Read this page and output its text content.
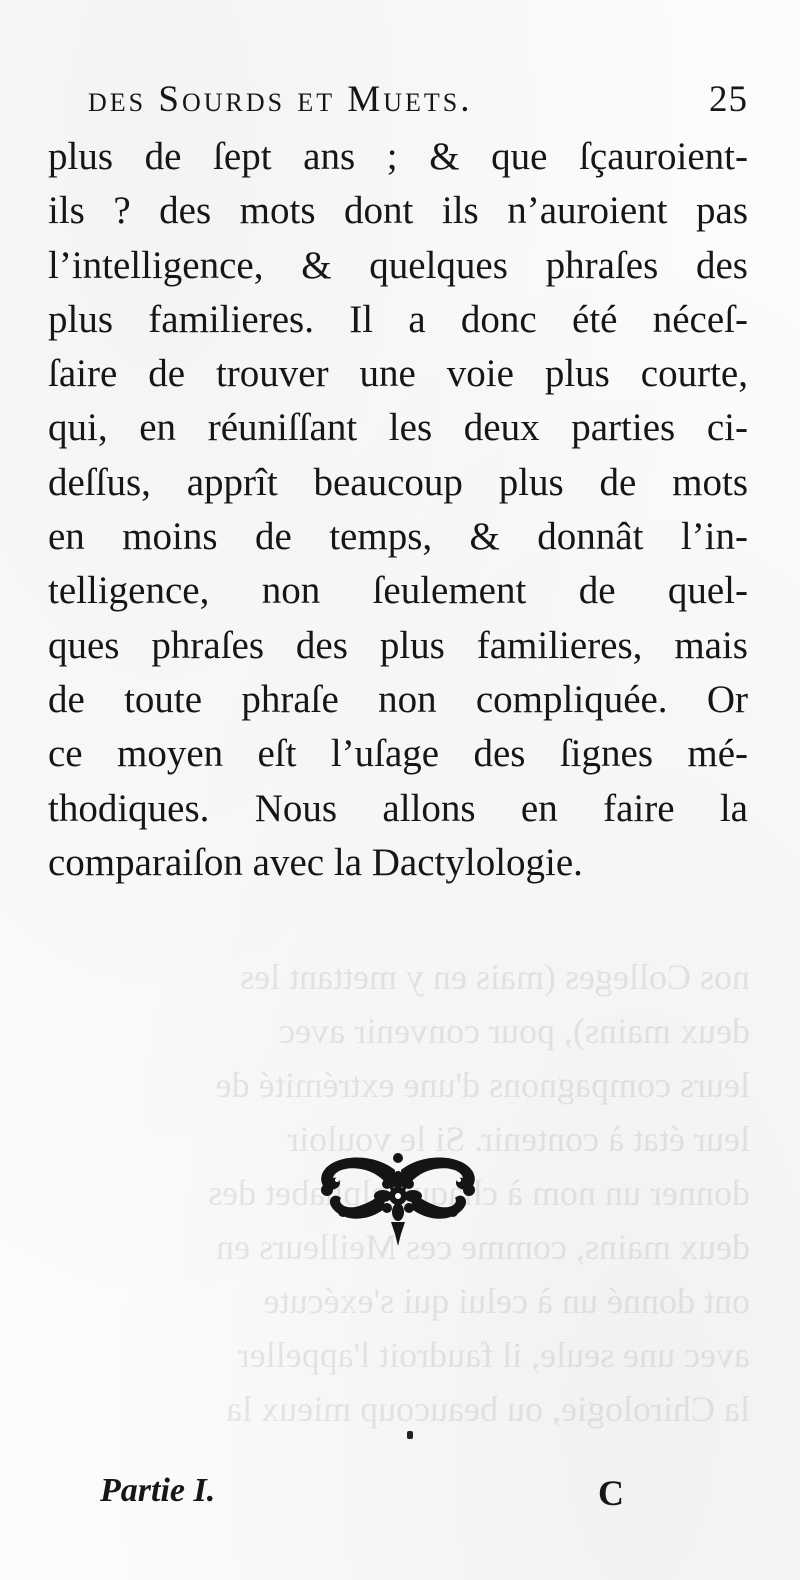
nos Colleges (mais en y mettant les
deux mains), pour convenir avec
leurs compagnons d'une extrémité de
leur état à contenir. Si le vouloir
donner un nom à chaque alphabet des
deux mains, comme ces Meilleurs en
ont donné un à celui qui s'exécute
avec une seule, il faudroit l'appeller
la Chirologie, ou beaucoup mieux la
des Sourds et Muets.	25
plus de ſept ans ; & que ſçauroient-
ils ? des mots dont ils n’auroient pas
l’intelligence, & quelques phraſes des
plus familieres. Il a donc été néceſ-
ſaire de trouver une voie plus courte,
qui, en réuniſſant les deux parties ci-
deſſus, apprît beaucoup plus de mots
en moins de temps, & donnât l’in-
telligence, non ſeulement de quel-
ques phraſes des plus familieres, mais
de toute phraſe non compliquée. Or
ce moyen eſt l’uſage des ſignes mé-
thodiques. Nous allons en faire la
comparaiſon avec la Dactylologie.
Partie I.	C
